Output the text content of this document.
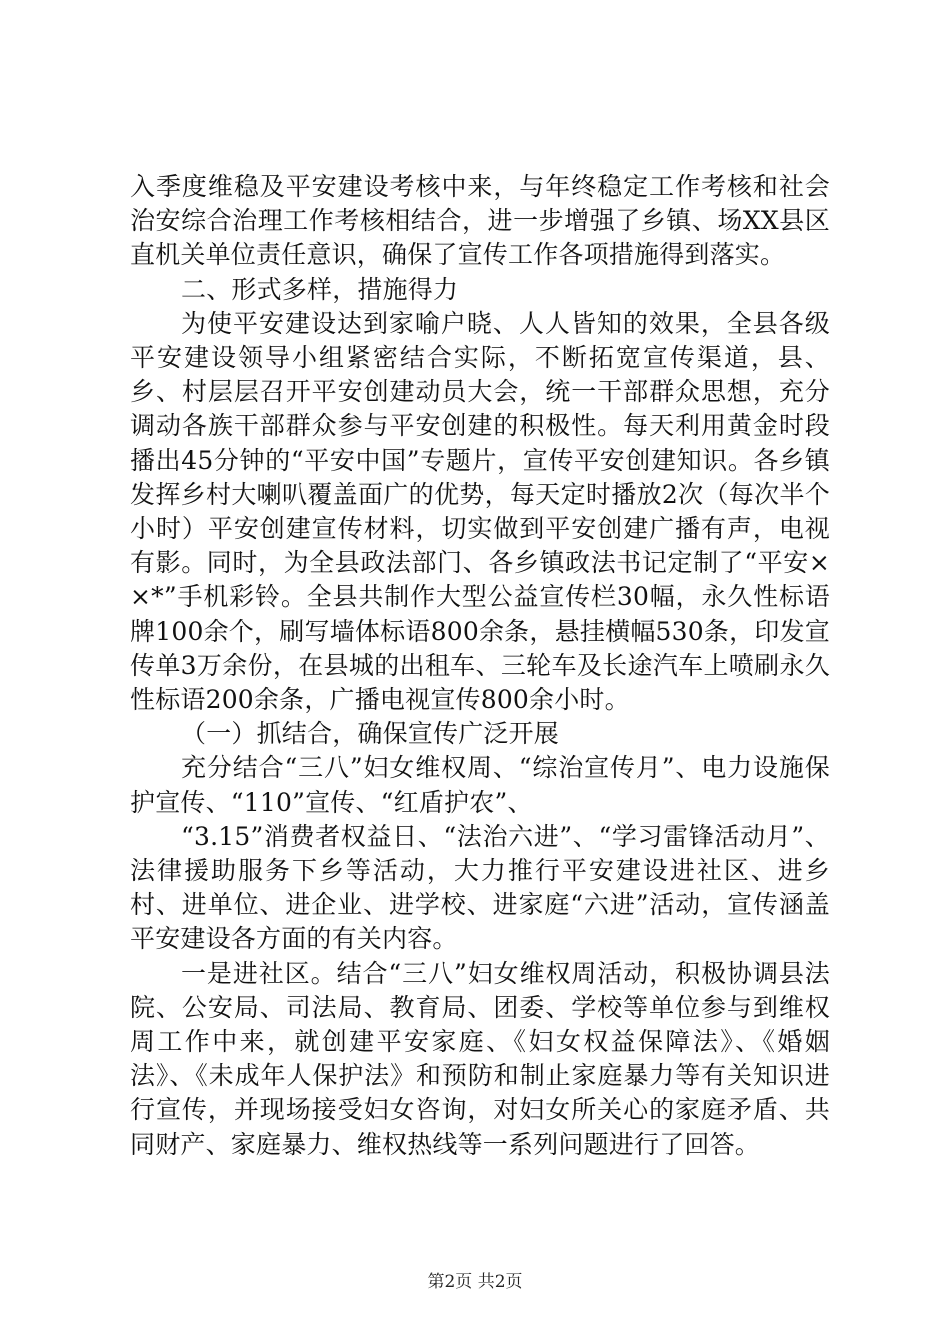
入季度维稳及平安建设考核中来，与年终稳定工作考核和社会治安综合治理工作考核相结合，进一步增强了乡镇、场XX县区直机关单位责任意识，确保了宣传工作各项措施得到落实。

二、形式多样，措施得力

为使平安建设达到家喻户晓、人人皆知的效果，全县各级平安建设领导小组紧密结合实际，不断拓宽宣传渠道，县、乡、村层层召开平安创建动员大会，统一干部群众思想，充分调动各族干部群众参与平安创建的积极性。每天利用黄金时段播出45分钟的“平安中国”专题片，宣传平安创建知识。各乡镇发挥乡村大喇叭覆盖面广的优势，每天定时播放2次（每次半个小时）平安创建宣传材料，切实做到平安创建广播有声，电视有影。同时，为全县政法部门、各乡镇政法书记定制了“平安××*”手机彩铃。全县共制作大型公益宣传栏30幅，永久性标语牌100余个，刷写墙体标语800余条，悬挂横幅530条，印发宣传单3万余份，在县城的出租车、三轮车及长途汽车上喷刷永久性标语200余条，广播电视宣传800余小时。

（一）抓结合，确保宣传广泛开展

充分结合“三八”妇女维权周、“综治宣传月”、电力设施保护宣传、“110”宣传、“红盾护农”、

“3.15”消费者权益日、“法治六进”、“学习雷锋活动月”、法律援助服务下乡等活动，大力推行平安建设进社区、进乡村、进单位、进企业、进学校、进家庭“六进”活动，宣传涵盖平安建设各方面的有关内容。

一是进社区。结合“三八”妇女维权周活动，积极协调县法院、公安局、司法局、教育局、团委、学校等单位参与到维权周工作中来，就创建平安家庭、《妇女权益保障法》、《婚姻法》、《未成年人保护法》和预防和制止家庭暴力等有关知识进行宣传，并现场接受妇女咨询，对妇女所关心的家庭矛盾、共同财产、家庭暴力、维权热线等一系列问题进行了回答。

第2页 共2页
